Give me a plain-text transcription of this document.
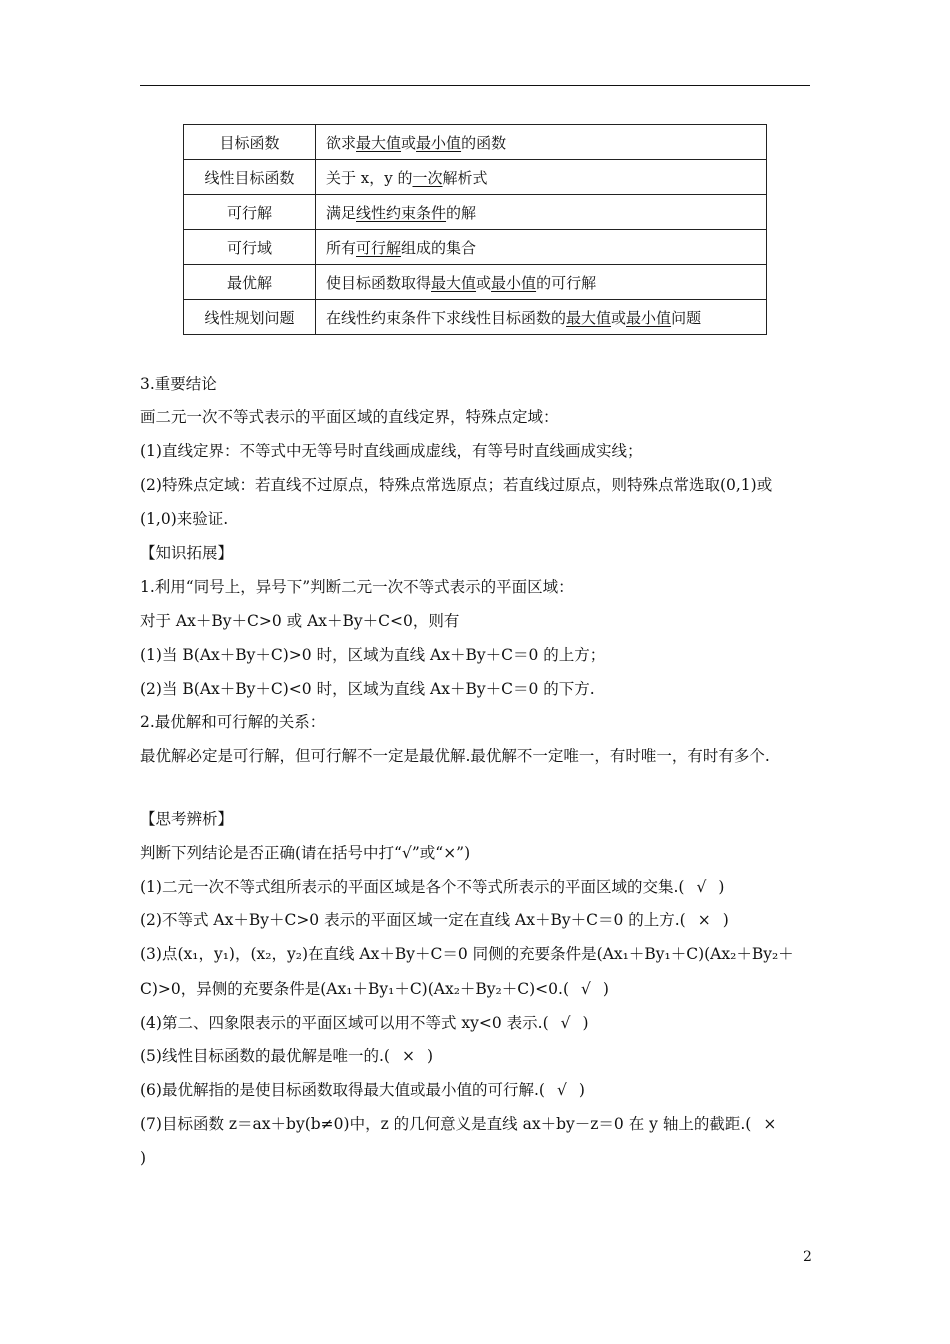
目标函数	欲求最大值或最小值的函数
线性目标函数	关于 x，y 的一次解析式
可行解	满足线性约束条件的解
可行域	所有可行解组成的集合
最优解	使目标函数取得最大值或最小值的可行解
线性规划问题	在线性约束条件下求线性目标函数的最大值或最小值问题
3.重要结论
画二元一次不等式表示的平面区域的直线定界，特殊点定域：
(1)直线定界：不等式中无等号时直线画成虚线，有等号时直线画成实线；
(2)特殊点定域：若直线不过原点，特殊点常选原点；若直线过原点，则特殊点常选取(0,1)或
(1,0)来验证.
【知识拓展】
1.利用“同号上，异号下”判断二元一次不等式表示的平面区域：
对于 Ax＋By＋C>0 或 Ax＋By＋C<0，则有
(1)当 B(Ax＋By＋C)>0 时，区域为直线 Ax＋By＋C＝0 的上方；
(2)当 B(Ax＋By＋C)<0 时，区域为直线 Ax＋By＋C＝0 的下方.
2.最优解和可行解的关系：
最优解必定是可行解，但可行解不一定是最优解.最优解不一定唯一，有时唯一，有时有多个.
【思考辨析】
判断下列结论是否正确(请在括号中打“√”或“×”)
(1)二元一次不等式组所表示的平面区域是各个不等式所表示的平面区域的交集.( √ )
(2)不等式 Ax＋By＋C>0 表示的平面区域一定在直线 Ax＋By＋C＝0 的上方.( × )
(3)点(x₁，y₁)，(x₂，y₂)在直线 Ax＋By＋C＝0 同侧的充要条件是(Ax₁＋By₁＋C)(Ax₂＋By₂＋
C)>0，异侧的充要条件是(Ax₁＋By₁＋C)(Ax₂＋By₂＋C)<0.( √ )
(4)第二、四象限表示的平面区域可以用不等式 xy<0 表示.( √ )
(5)线性目标函数的最优解是唯一的.( × )
(6)最优解指的是使目标函数取得最大值或最小值的可行解.( √ )
(7)目标函数 z＝ax＋by(b≠0)中，z 的几何意义是直线 ax＋by－z＝0 在 y 轴上的截距.( ×
)
2
